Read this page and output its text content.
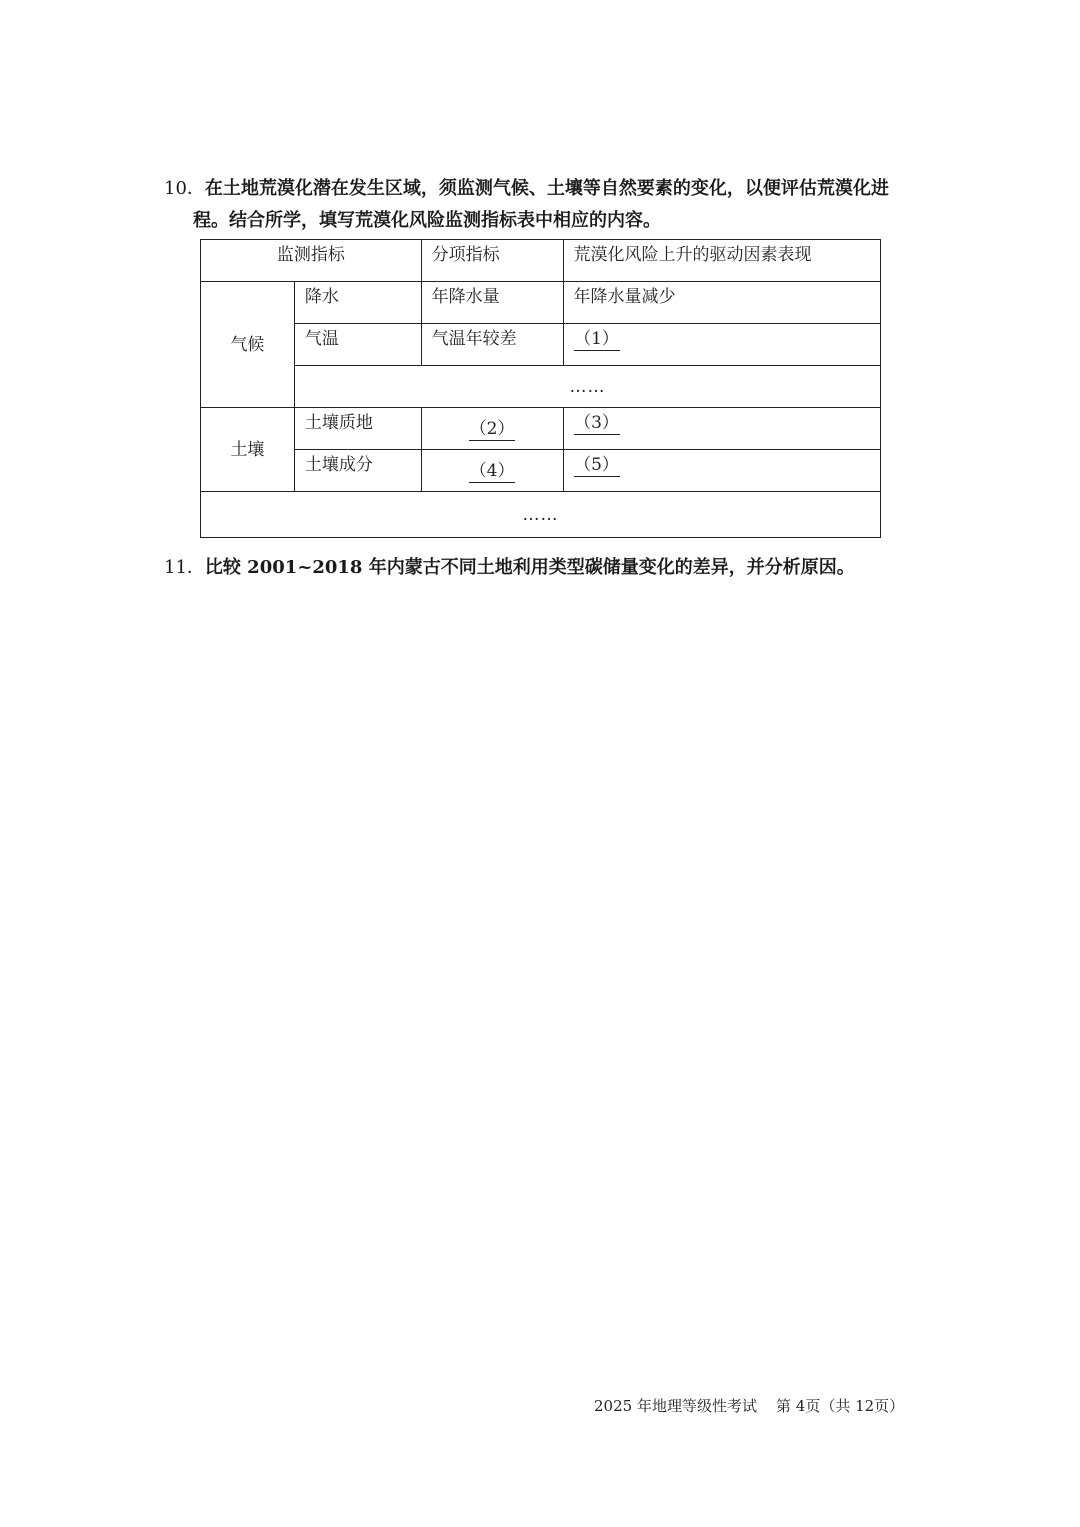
10．在土地荒漠化潜在发生区域，须监测气候、土壤等自然要素的变化，以便评估荒漠化进
程。结合所学，填写荒漠化风险监测指标表中相应的内容。
监测指标		分项指标	荒漠化风险上升的驱动因素表现
气候	降水	年降水量	年降水量减少
	气温	气温年较差	（1）
	……		
土壤	土壤质地	（2）	（3）
	土壤成分	（4）	（5）
……			
11．比较 2001~2018 年内蒙古不同土地利用类型碳储量变化的差异，并分析原因。
2025 年地理等级性考试    第 4页（共 12页）
